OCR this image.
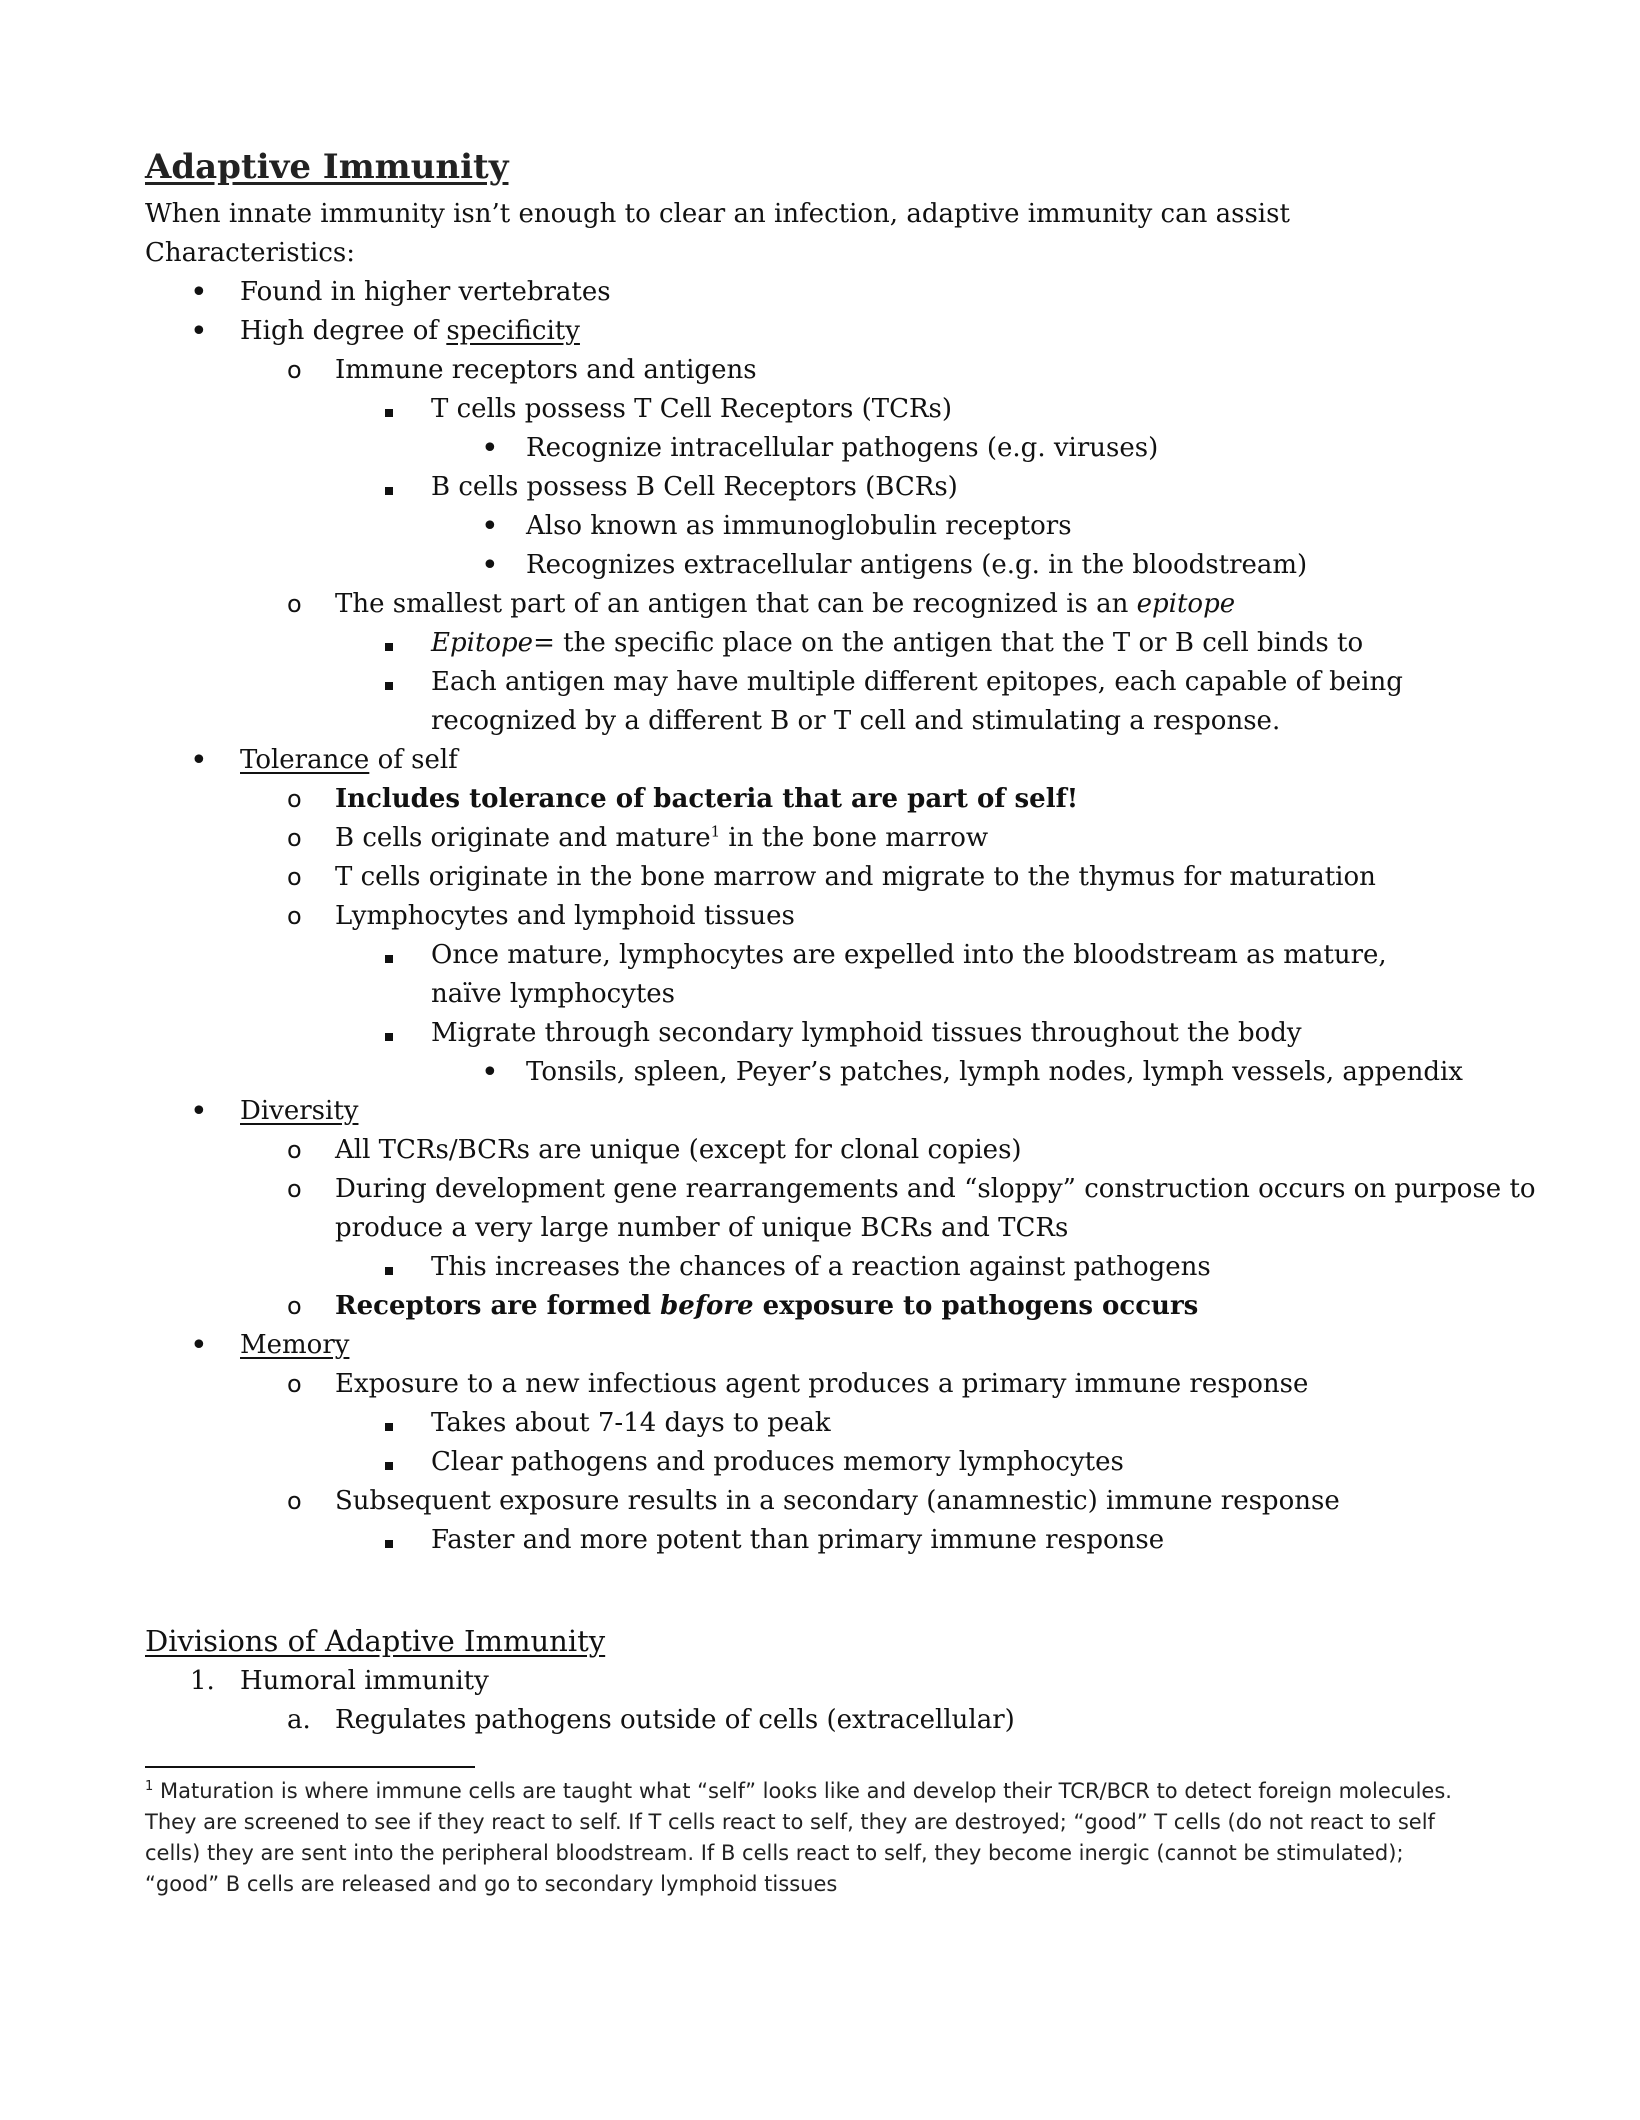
Adaptive Immunity
When innate immunity isn’t enough to clear an infection, adaptive immunity can assist
Characteristics:
•
Found in higher vertebrates
•
High degree of specificity
o Immune receptors and antigens
T cells possess T Cell Receptors (TCRs)
•
Recognize intracellular pathogens (e.g. viruses)
B cells possess B Cell Receptors (BCRs)
•
Also known as immunoglobulin receptors
•
Recognizes extracellular antigens (e.g. in the bloodstream)
o The smallest part of an antigen that can be recognized is an epitope
Epitope= the specific place on the antigen that the T or B cell binds to
Each antigen may have multiple different epitopes, each capable of being recognized by a different B or T cell and stimulating a response.
•
Tolerance of self
o Includes tolerance of bacteria that are part of self!
o B cells originate and mature$^1$ in the bone marrow
o T cells originate in the bone marrow and migrate to the thymus for maturation
o Lymphocytes and lymphoid tissues
Once mature, lymphocytes are expelled into the bloodstream as mature, naïve lymphocytes
Migrate through secondary lymphoid tissues throughout the body
•
Tonsils, spleen, Peyer’s patches, lymph nodes, lymph vessels, appendix
•
Diversity
o All TCRs/BCRs are unique (except for clonal copies)
o During development gene rearrangements and “sloppy” construction occurs on purpose to produce a very large number of unique BCRs and TCRs
This increases the chances of a reaction against pathogens
o Receptors are formed before exposure to pathogens occurs
•
Memory
o Exposure to a new infectious agent produces a primary immune response
Takes about 7-14 days to peak
Clear pathogens and produces memory lymphocytes
o Subsequent exposure results in a secondary (anamnestic) immune response
Faster and more potent than primary immune response
Divisions of Adaptive Immunity
1. Humoral immunity
a. Regulates pathogens outside of cells (extracellular)
$^1$ Maturation is where immune cells are taught what “self” looks like and develop their TCR/BCR to detect foreign molecules. They are screened to see if they react to self. If T cells react to self, they are destroyed; “good” T cells (do not react to self cells) they are sent into the peripheral bloodstream. If B cells react to self, they become inergic (cannot be stimulated); “good” B cells are released and go to secondary lymphoid tissues
